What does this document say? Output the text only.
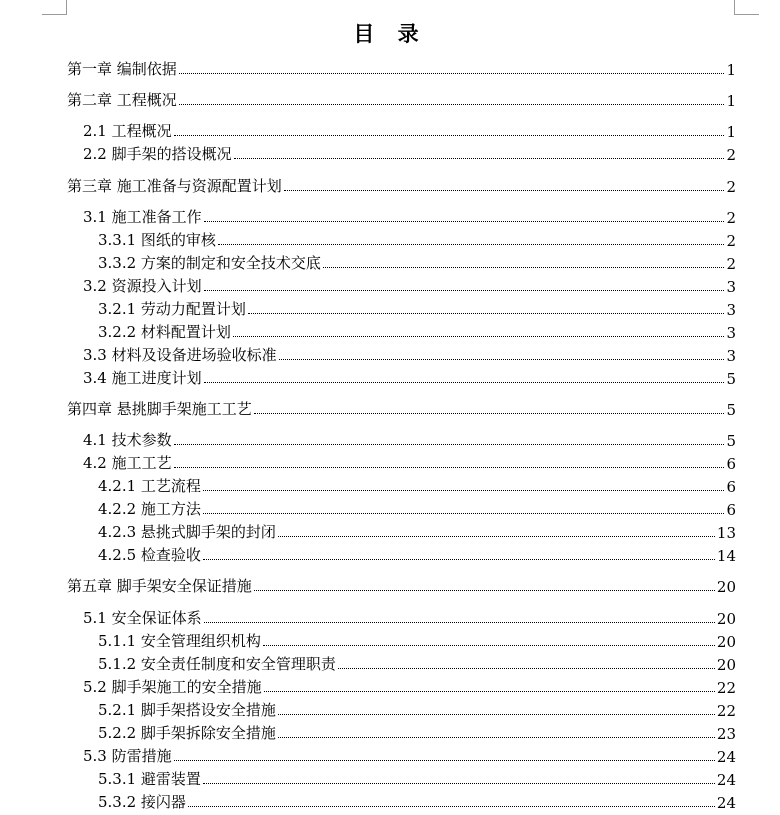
目 录
第一章 编制依据	1
第二章 工程概况	1
2.1 工程概况	1
2.2 脚手架的搭设概况	2
第三章 施工准备与资源配置计划	2
3.1 施工准备工作	2
3.3.1 图纸的审核	2
3.3.2 方案的制定和安全技术交底	2
3.2 资源投入计划	3
3.2.1 劳动力配置计划	3
3.2.2 材料配置计划	3
3.3 材料及设备进场验收标准	3
3.4 施工进度计划	5
第四章 悬挑脚手架施工工艺	5
4.1 技术参数	5
4.2 施工工艺	6
4.2.1 工艺流程	6
4.2.2 施工方法	6
4.2.3 悬挑式脚手架的封闭	13
4.2.5 检查验收	14
第五章 脚手架安全保证措施	20
5.1 安全保证体系	20
5.1.1 安全管理组织机构	20
5.1.2 安全责任制度和安全管理职责	20
5.2 脚手架施工的安全措施	22
5.2.1 脚手架搭设安全措施	22
5.2.2 脚手架拆除安全措施	23
5.3 防雷措施	24
5.3.1 避雷装置	24
5.3.2 接闪器	24
